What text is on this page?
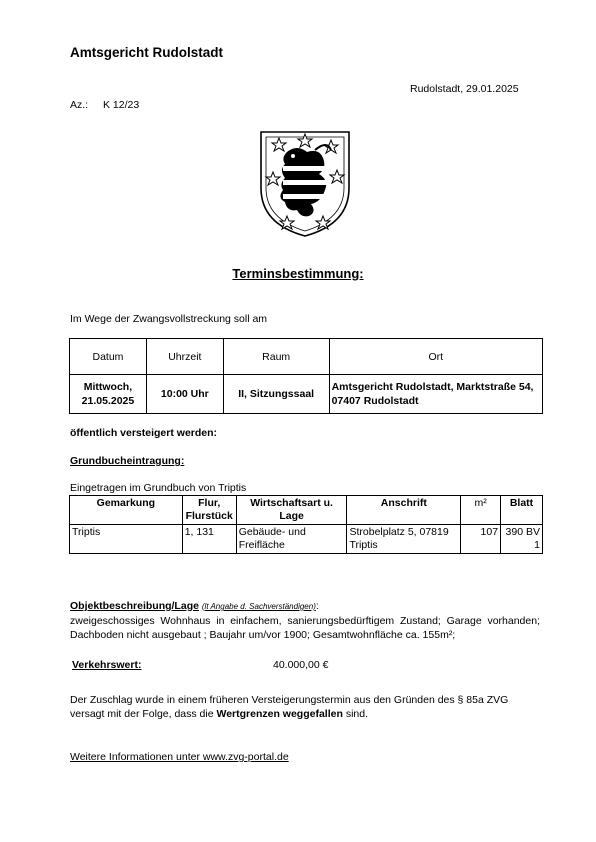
Amtsgericht Rudolstadt
Rudolstadt, 29.01.2025
Az.: K 12/23
Terminsbestimmung:
Im Wege der Zwangsvollstreckung soll am
Datum	Uhrzeit	Raum	Ort
Mittwoch, 21.05.2025	10:00 Uhr	II, Sitzungssaal	Amtsgericht Rudolstadt, Marktstraße 54, 07407 Rudolstadt
öffentlich versteigert werden:
Grundbucheintragung:
Eingetragen im Grundbuch von Triptis
Gemarkung	Flur, Flurstück	Wirtschaftsart u. Lage	Anschrift	m²	Blatt
Triptis	1, 131	Gebäude- und Freifläche	Strobelplatz 5, 07819 Triptis	107	390 BV 1
Objektbeschreibung/Lage (lt Angabe d. Sachverständigen):
zweigeschossiges Wohnhaus in einfachem, sanierungsbedürftigem Zustand; Garage vorhanden; Dachboden nicht ausgebaut ; Baujahr um/vor 1900; Gesamtwohnfläche ca. 155m²;
Verkehrswert:	40.000,00 €
Der Zuschlag wurde in einem früheren Versteigerungstermin aus den Gründen des § 85a ZVG versagt mit der Folge, dass die Wertgrenzen weggefallen sind.
Weitere Informationen unter www.zvg-portal.de
